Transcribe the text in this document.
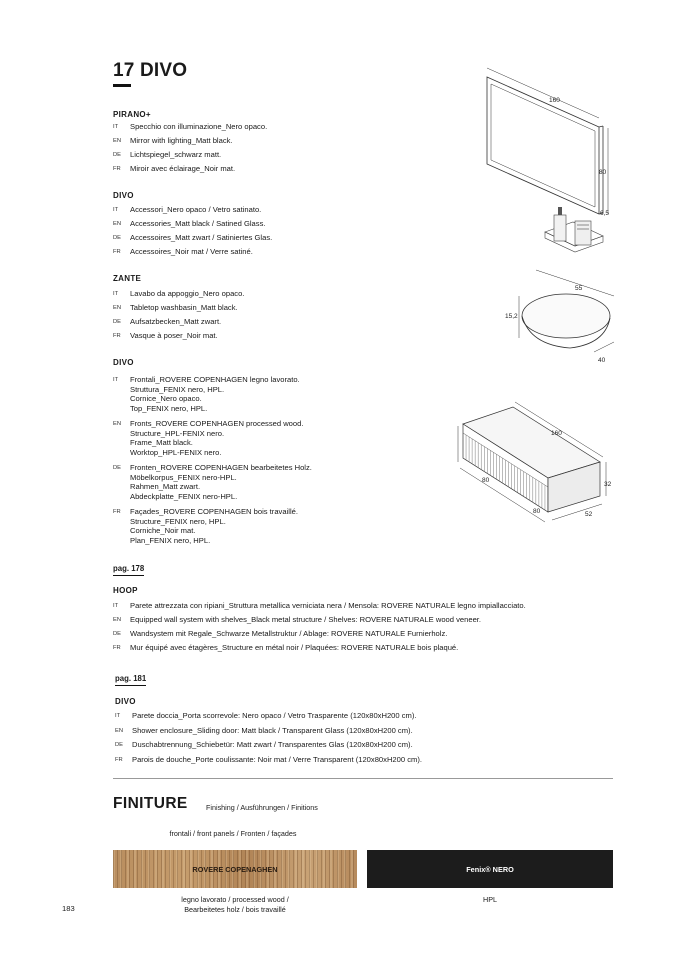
17 DIVO
PIRANO+
IT	Specchio con illuminazione_Nero opaco.
EN	Mirror with lighting_Matt black.
DE	Lichtspiegel_schwarz matt.
FR	Miroir avec éclairage_Noir mat.
DIVO
IT	Accessori_Nero opaco / Vetro satinato.
EN	Accessories_Matt black / Satined Glass.
DE	Accessoires_Matt zwart / Satiniertes Glas.
FR	Accessoires_Noir mat / Verre satiné.
ZANTE
IT	Lavabo da appoggio_Nero opaco.
EN	Tabletop washbasin_Matt black.
DE	Aufsatzbecken_Matt zwart.
FR	Vasque à poser_Noir mat.
DIVO
IT	Frontali_ROVERE COPENHAGEN legno lavorato.
Struttura_FENIX nero, HPL.
Cornice_Nero opaco.
Top_FENIX nero, HPL.
EN	Fronts_ROVERE COPENHAGEN processed wood.
Structure_HPL-FENIX nero.
Frame_Matt black.
Worktop_HPL-FENIX nero.
DE	Fronten_ROVERE COPENHAGEN bearbeitetes Holz.
Möbelkorpus_FENIX nero-HPL.
Rahmen_Matt zwart.
Abdeckplatte_FENIX nero-HPL.
FR	Façades_ROVERE COPENHAGEN bois travaillé.
Structure_FENIX nero, HPL.
Corniche_Noir mat.
Plan_FENIX nero, HPL.
pag. 178
HOOP
IT	Parete attrezzata con ripiani_Struttura metallica verniciata nera / Mensola: ROVERE NATURALE legno impiallacciato.
EN	Equipped wall system with shelves_Black metal structure / Shelves: ROVERE NATURALE wood veneer.
DE	Wandsystem mit Regale_Schwarze Metallstruktur / Ablage: ROVERE NATURALE Furnierholz.
FR	Mur équipé avec étagères_Structure en métal noir / Plaquées: ROVERE NATURALE bois plaqué.
pag. 181
DIVO
IT	Parete doccia_Porta scorrevole: Nero opaco / Vetro Trasparente (120x80xH200 cm).
EN	Shower enclosure_Sliding door: Matt black / Transparent Glass (120x80xH200 cm).
DE	Duschabtrennung_Schiebetür: Matt zwart / Transparentes Glas (120x80xH200 cm).
FR	Parois de douche_Porte coulissante: Noir mat / Verre Transparent (120x80xH200 cm).
160
80
6,5
55
15,2
40
160
80
32
80	52
FINITURE	Finishing / Ausführungen / Finitions
frontali / front panels / Fronten / façades
ROVERE COPENAGHEN	Fenix® NERO
legno lavorato / processed wood /
Bearbeitetes holz / bois travaillé
HPL
183
